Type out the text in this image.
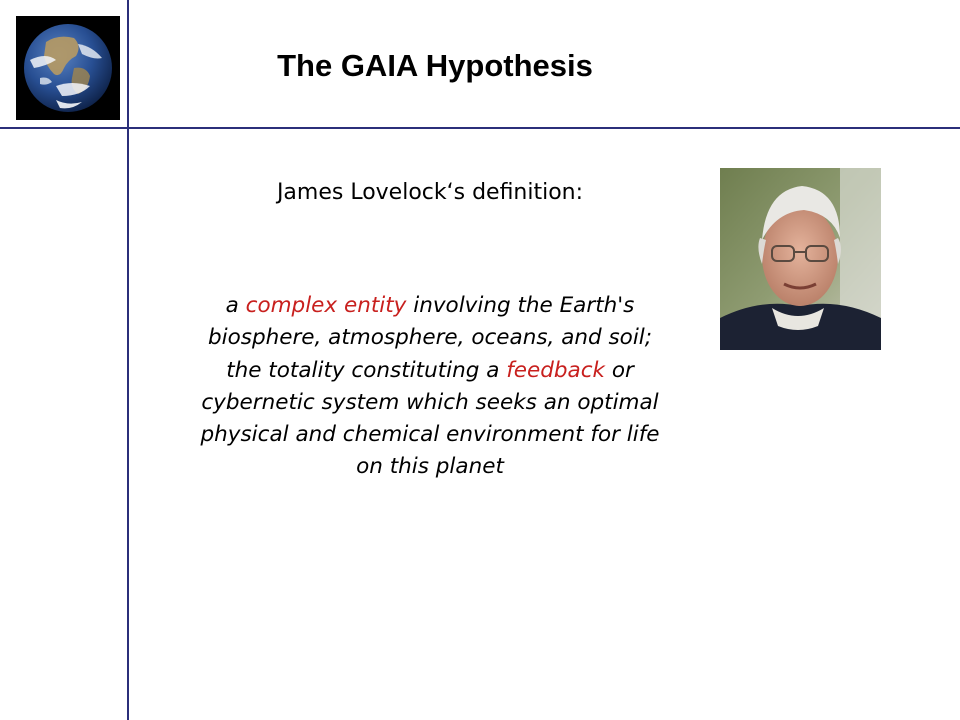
The GAIA Hypothesis

James Lovelock‘s definition:

a complex entity involving the Earth's biosphere, atmosphere, oceans, and soil; the totality constituting a feedback or cybernetic system which seeks an optimal physical and chemical environment for life on this planet
